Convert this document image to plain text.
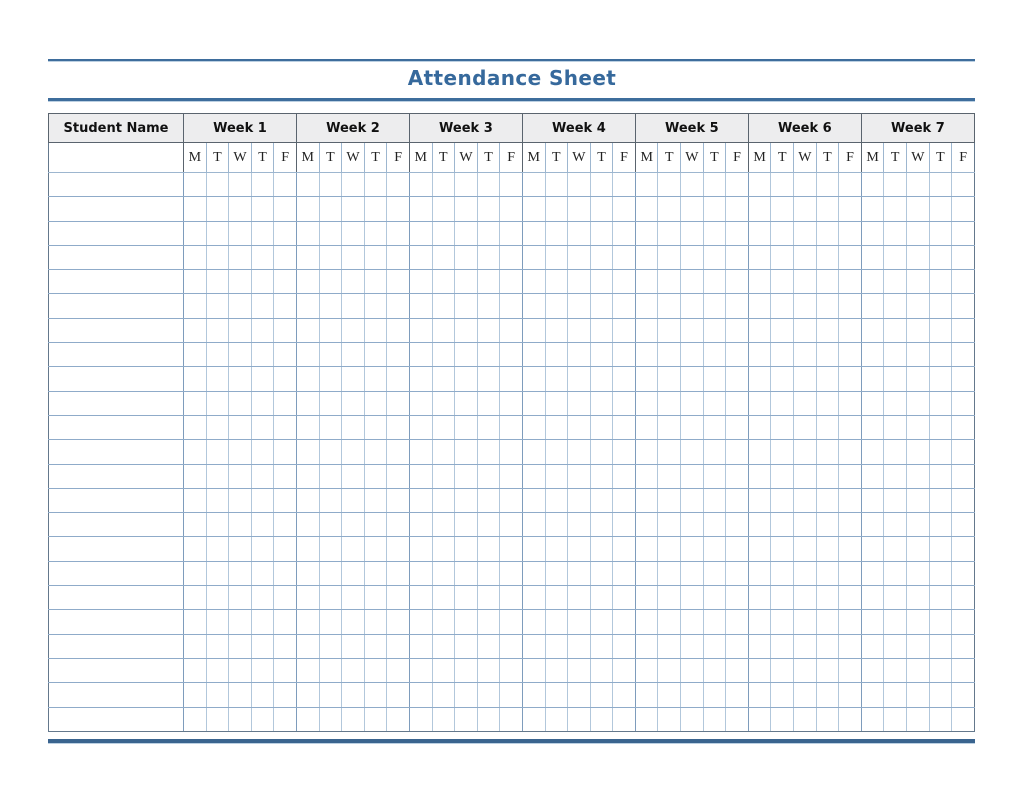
Attendance Sheet
Student Name	Week 1					Week 2					Week 3					Week 4					Week 5					Week 6					Week 7				
	M	T	W	T	F	M	T	W	T	F	M	T	W	T	F	M	T	W	T	F	M	T	W	T	F	M	T	W	T	F	M	T	W	T	F
